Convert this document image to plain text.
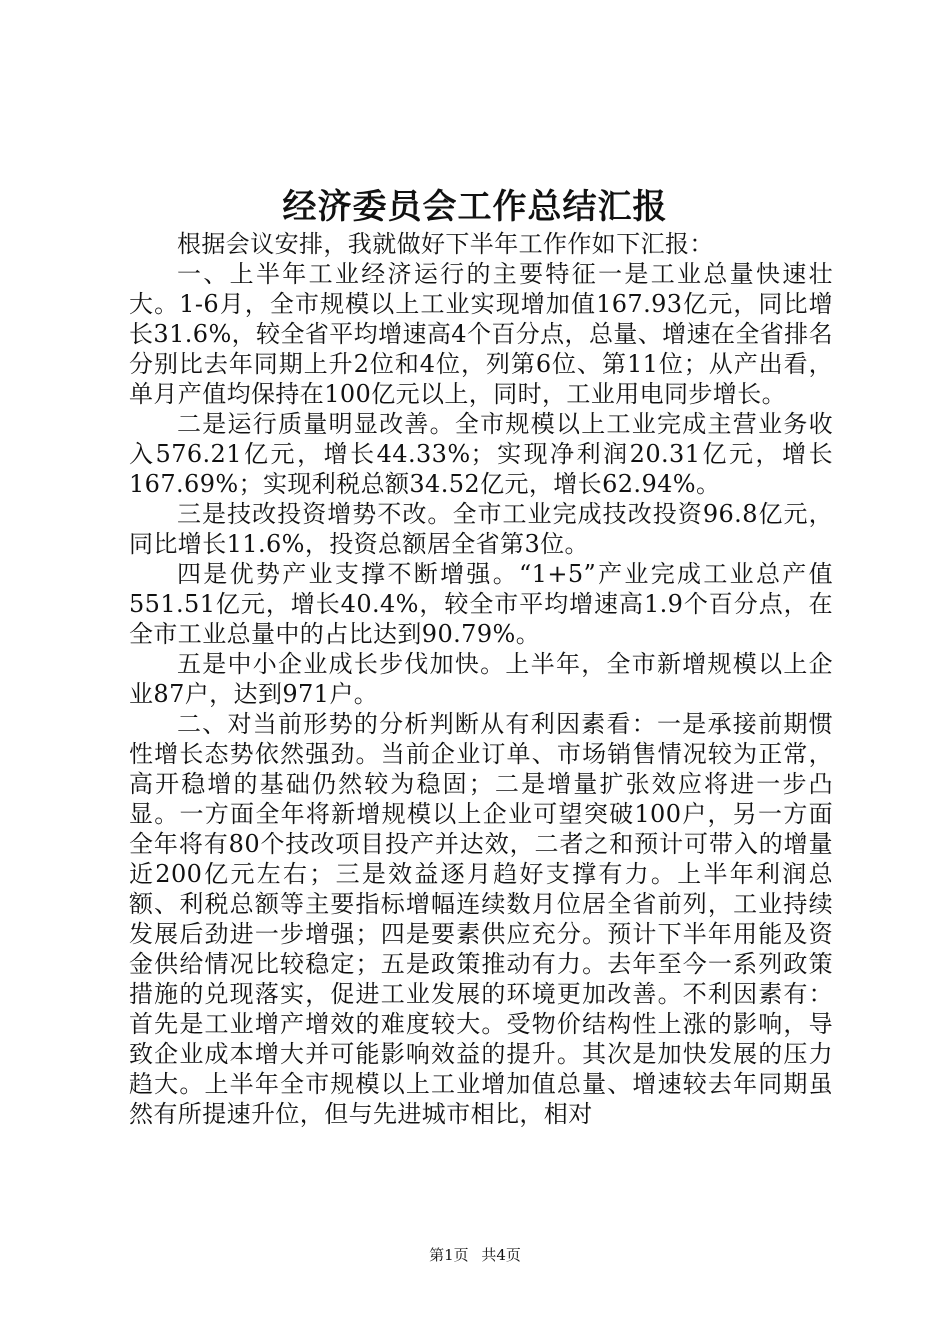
经济委员会工作总结汇报

根据会议安排，我就做好下半年工作作如下汇报：

一、上半年工业经济运行的主要特征一是工业总量快速壮大。1-6月，全市规模以上工业实现增加值167.93亿元，同比增长31.6%，较全省平均增速高4个百分点，总量、增速在全省排名分别比去年同期上升2位和4位，列第6位、第11位；从产出看，单月产值均保持在100亿元以上，同时，工业用电同步增长。

二是运行质量明显改善。全市规模以上工业完成主营业务收入576.21亿元，增长44.33%；实现净利润20.31亿元，增长167.69%；实现利税总额34.52亿元，增长62.94%。

三是技改投资增势不改。全市工业完成技改投资96.8亿元，同比增长11.6%，投资总额居全省第3位。

四是优势产业支撑不断增强。“1+5”产业完成工业总产值551.51亿元，增长40.4%，较全市平均增速高1.9个百分点，在全市工业总量中的占比达到90.79%。

五是中小企业成长步伐加快。上半年，全市新增规模以上企业87户，达到971户。

二、对当前形势的分析判断从有利因素看：一是承接前期惯性增长态势依然强劲。当前企业订单、市场销售情况较为正常，高开稳增的基础仍然较为稳固；二是增量扩张效应将进一步凸显。一方面全年将新增规模以上企业可望突破100户，另一方面全年将有80个技改项目投产并达效，二者之和预计可带入的增量近200亿元左右；三是效益逐月趋好支撑有力。上半年利润总额、利税总额等主要指标增幅连续数月位居全省前列，工业持续发展后劲进一步增强；四是要素供应充分。预计下半年用能及资金供给情况比较稳定；五是政策推动有力。去年至今一系列政策措施的兑现落实，促进工业发展的环境更加改善。不利因素有：首先是工业增产增效的难度较大。受物价结构性上涨的影响，导致企业成本增大并可能影响效益的提升。其次是加快发展的压力趋大。上半年全市规模以上工业增加值总量、增速较去年同期虽然有所提速升位，但与先进城市相比，相对

第1页 共4页
